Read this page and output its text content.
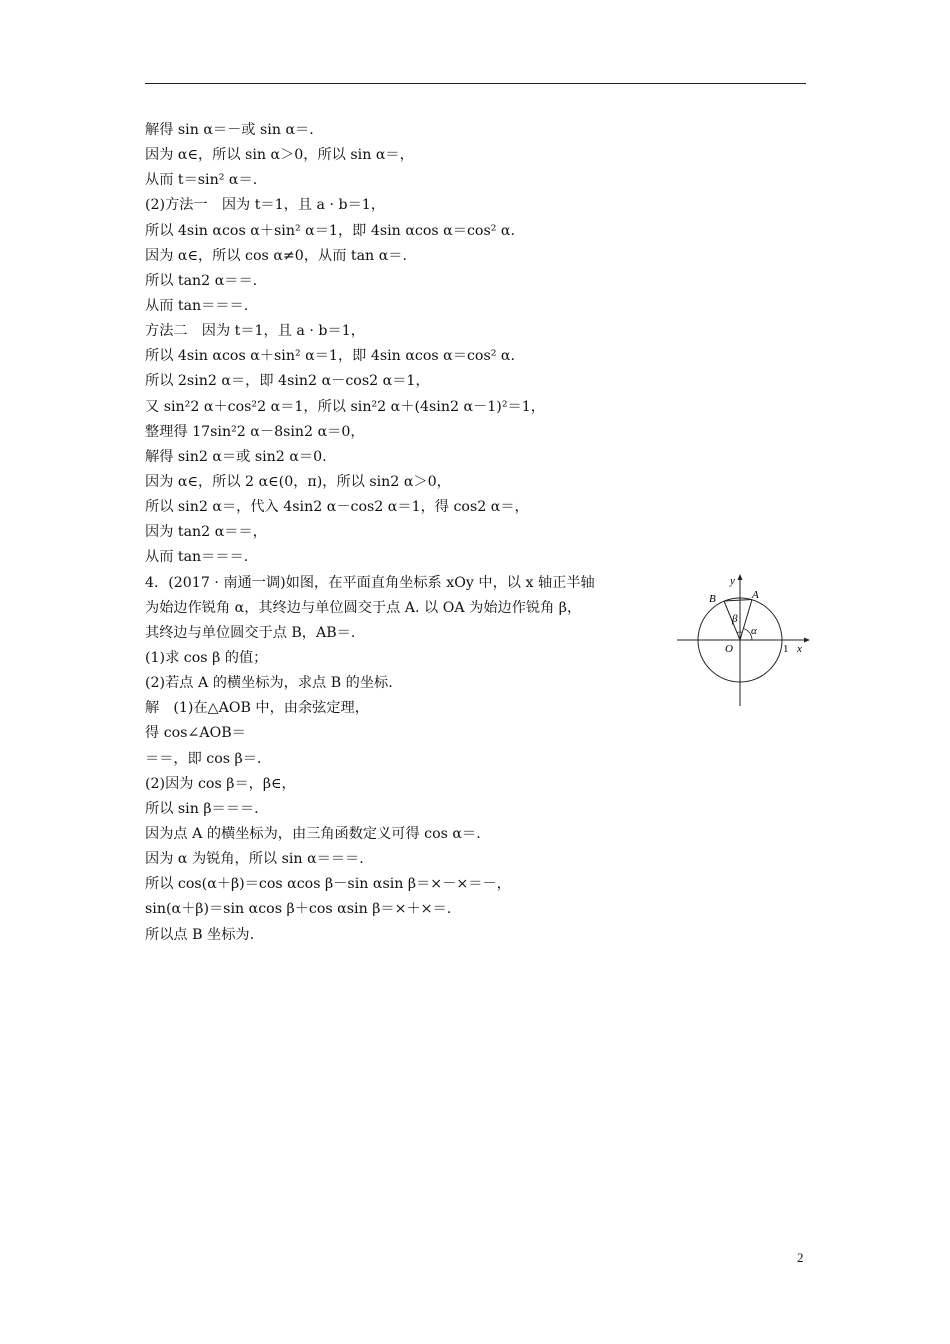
解得 sin α＝－或 sin α＝.
因为 α∈，所以 sin α＞0，所以 sin α＝，
从而 t＝sin² α＝.
(2)方法一　因为 t＝1，且 a · b＝1，
所以 4sin αcos α＋sin² α＝1，即 4sin αcos α＝cos² α.
因为 α∈，所以 cos α≠0，从而 tan α＝.
所以 tan2 α＝＝.
从而 tan＝＝＝.
方法二　因为 t＝1，且 a · b＝1，
所以 4sin αcos α＋sin² α＝1，即 4sin αcos α＝cos² α.
所以 2sin2 α＝，即 4sin2 α－cos2 α＝1，
又 sin²2 α＋cos²2 α＝1，所以 sin²2 α＋(4sin2 α－1)²＝1，
整理得 17sin²2 α－8sin2 α＝0，
解得 sin2 α＝或 sin2 α＝0.
因为 α∈，所以 2 α∈(0，π)，所以 sin2 α＞0，
所以 sin2 α＝，代入 4sin2 α－cos2 α＝1，得 cos2 α＝，
因为 tan2 α＝＝，
从而 tan＝＝＝.
4．(2017 · 南通一调)如图，在平面直角坐标系 xOy 中，以 x 轴正半轴
为始边作锐角 α，其终边与单位圆交于点 A. 以 OA 为始边作锐角 β，
其终边与单位圆交于点 B，AB＝.
(1)求 cos β 的值；
(2)若点 A 的横坐标为，求点 B 的坐标.
解　(1)在△AOB 中，由余弦定理，
得 cos∠AOB＝
＝＝，即 cos β＝.
(2)因为 cos β＝，β∈，
所以 sin β＝＝＝.
因为点 A 的横坐标为，由三角函数定义可得 cos α＝.
因为 α 为锐角，所以 sin α＝＝＝.
所以 cos(α＋β)＝cos αcos β－sin αsin β＝×－×＝－，
sin(α＋β)＝sin αcos β＋cos αsin β＝×＋×＝.
所以点 B 坐标为.
y
x
O	1
A
B
α
β
2
